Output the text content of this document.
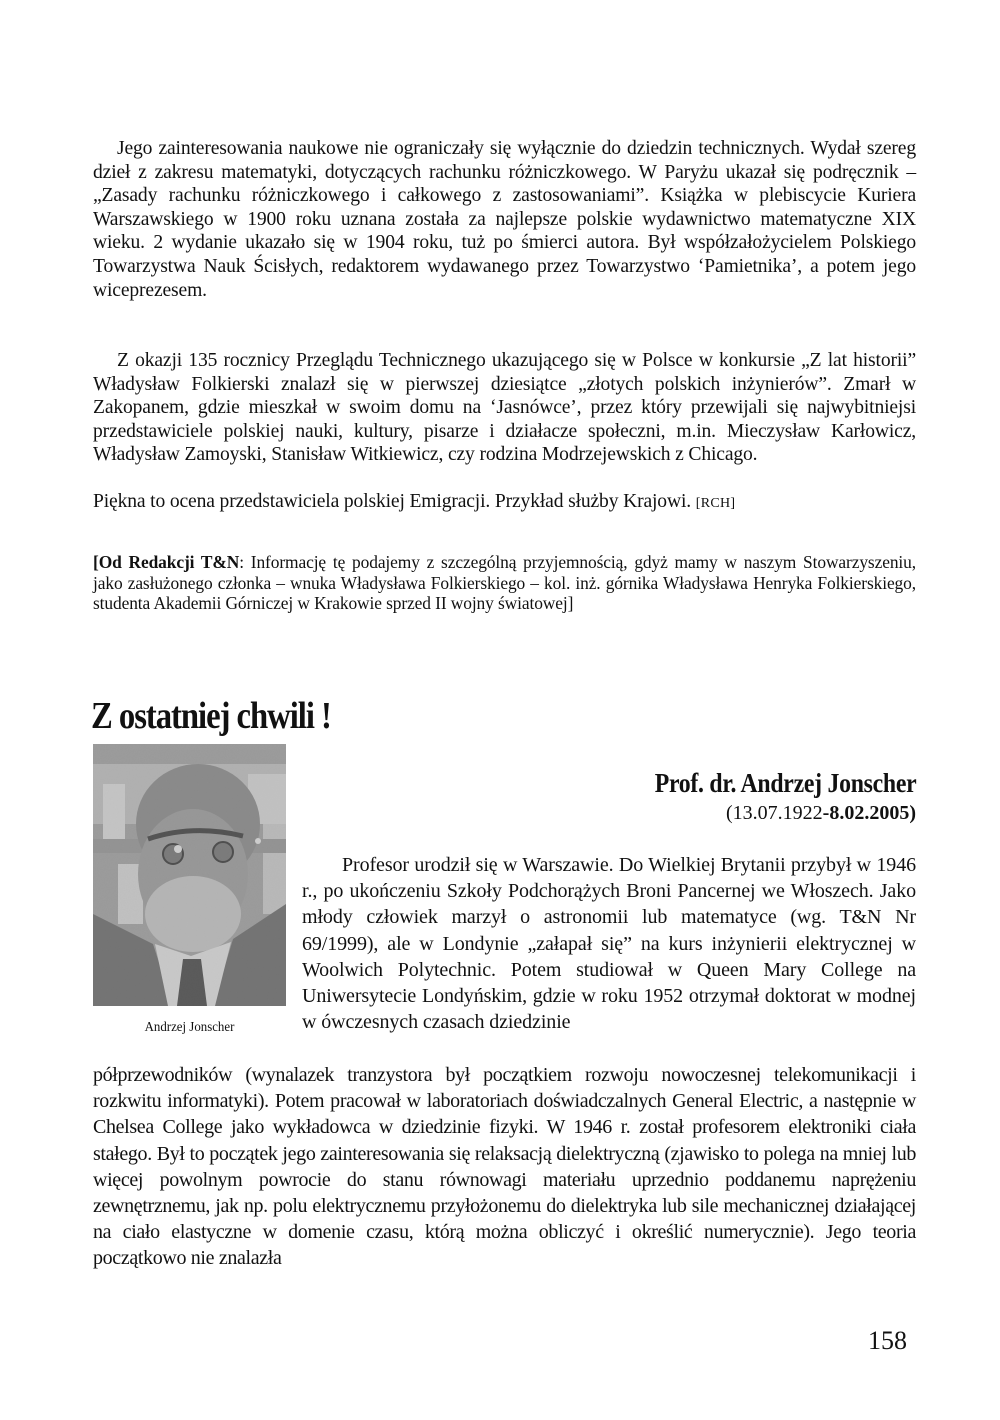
Jego zainteresowania naukowe nie ograniczały się wyłącznie do dziedzin technicznych. Wydał szereg dzieł z zakresu matematyki, dotyczących rachunku różniczkowego. W Paryżu ukazał się podręcznik – „Zasady rachunku różniczkowego i całkowego z zastosowaniami”. Książka w plebiscycie Kuriera Warszawskiego w 1900 roku uznana została za najlepsze polskie wydawnictwo matematyczne XIX wieku. 2 wydanie ukazało się w 1904 roku, tuż po śmierci autora. Był współzałożycielem Polskiego Towarzystwa Nauk Ścisłych, redaktorem wydawanego przez Towarzystwo ‘Pamietnika’, a potem jego wiceprezesem.

Z okazji 135 rocznicy Przeglądu Technicznego ukazującego się w Polsce w konkursie „Z lat historii” Władysław Folkierski znalazł się w pierwszej dziesiątce „złotych polskich inżynierów”. Zmarł w Zakopanem, gdzie mieszkał w swoim domu na ‘Jasnówce’, przez który przewijali się najwybitniejsi przedstawiciele polskiej nauki, kultury, pisarze i działacze społeczni, m.in. Mieczysław Karłowicz, Władysław Zamoyski, Stanisław Witkiewicz, czy rodzina Modrzejewskich z Chicago.

Piękna to ocena przedstawiciela polskiej Emigracji. Przykład służby Krajowi. [RCH]

[Od Redakcji T&N: Informację tę podajemy z szczególną przyjemnością, gdyż mamy w naszym Stowarzyszeniu, jako zasłużonego członka – wnuka Władysława Folkierskiego – kol. inż. górnika Władysława Henryka Folkierskiego, studenta Akademii Górniczej w Krakowie sprzed II wojny światowej]

Z ostatniej chwili !
Andrzej Jonscher
Prof. dr. Andrzej Jonscher
(13.07.1922-8.02.2005)

Profesor urodził się w Warszawie. Do Wielkiej Brytanii przybył w 1946 r., po ukończeniu Szkoły Podchorążych Broni Pancernej we Włoszech. Jako młody człowiek marzył o astronomii lub matematyce (wg. T&N Nr 69/1999), ale w Londynie „załapał się” na kurs inżynierii elektrycznej w Woolwich Polytechnic. Potem studiował w Queen Mary College na Uniwersytecie Londyńskim, gdzie w roku 1952 otrzymał doktorat w modnej w ówczesnych czasach dziedzinie

półprzewodników (wynalazek tranzystora był początkiem rozwoju nowoczesnej telekomunikacji i rozkwitu informatyki). Potem pracował w laboratoriach doświadczalnych General Electric, a następnie w Chelsea College jako wykładowca w dziedzinie fizyki. W 1946 r. został profesorem elektroniki ciała stałego. Był to początek jego zainteresowania się relaksacją dielektryczną (zjawisko to polega na mniej lub więcej powolnym powrocie do stanu równowagi materiału uprzednio poddanemu naprężeniu zewnętrznemu, jak np. polu elektrycznemu przyłożonemu do dielektryka lub sile mechanicznej działającej na ciało elastyczne w domenie czasu, którą można obliczyć i określić numerycznie). Jego teoria początkowo nie znalazła

158
